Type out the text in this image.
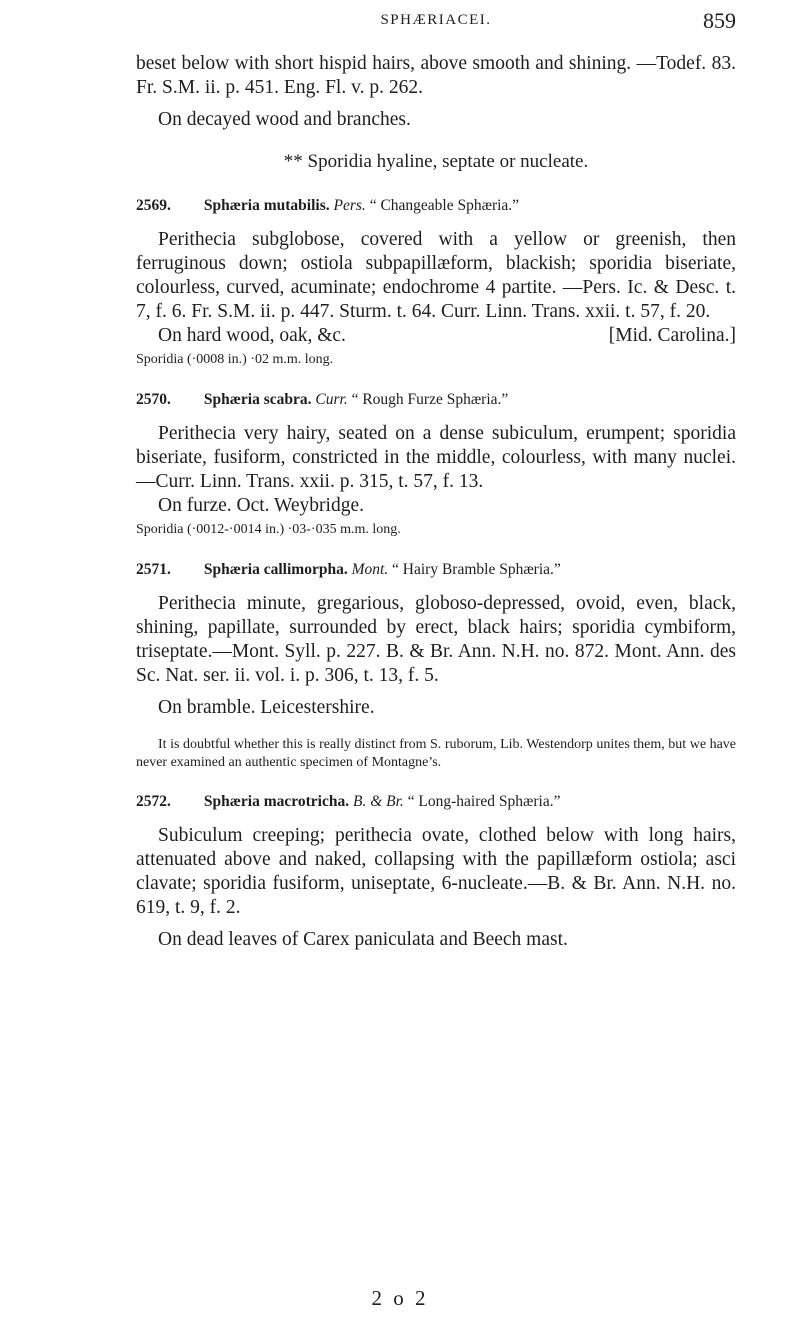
SPHÆRIACEI.	859

beset below with short hispid hairs, above smooth and shining. —Todef. 83. Fr. S.M. ii. p. 451. Eng. Fl. v. p. 262.

On decayed wood and branches.

** Sporidia hyaline, septate or nucleate.

2569. Sphæria mutabilis. Pers. “ Changeable Sphæria.”

Perithecia subglobose, covered with a yellow or greenish, then ferruginous down; ostiola subpapillæform, blackish; sporidia biseriate, colourless, curved, acuminate; endochrome 4 partite. —Pers. Ic. & Desc. t. 7, f. 6. Fr. S.M. ii. p. 447. Sturm. t. 64. Curr. Linn. Trans. xxii. t. 57, f. 20.

On hard wood, oak, &c.	[Mid. Carolina.]

Sporidia (·0008 in.) ·02 m.m. long.

2570. Sphæria scabra. Curr. “ Rough Furze Sphæria.”

Perithecia very hairy, seated on a dense subiculum, erumpent; sporidia biseriate, fusiform, constricted in the middle, colourless, with many nuclei.—Curr. Linn. Trans. xxii. p. 315, t. 57, f. 13.

On furze. Oct. Weybridge.

Sporidia (·0012-·0014 in.) ·03-·035 m.m. long.

2571. Sphæria callimorpha. Mont. “ Hairy Bramble Sphæria.”

Perithecia minute, gregarious, globoso-depressed, ovoid, even, black, shining, papillate, surrounded by erect, black hairs; sporidia cymbiform, triseptate.—Mont. Syll. p. 227. B. & Br. Ann. N.H. no. 872. Mont. Ann. des Sc. Nat. ser. ii. vol. i. p. 306, t. 13, f. 5.

On bramble. Leicestershire.

It is doubtful whether this is really distinct from S. ruborum, Lib. Westendorp unites them, but we have never examined an authentic specimen of Montagne’s.

2572. Sphæria macrotricha. B. & Br. “ Long-haired Sphæria.”

Subiculum creeping; perithecia ovate, clothed below with long hairs, attenuated above and naked, collapsing with the papillæform ostiola; asci clavate; sporidia fusiform, uniseptate, 6-nucleate.—B. & Br. Ann. N.H. no. 619, t. 9, f. 2.

On dead leaves of Carex paniculata and Beech mast.

2 o 2
